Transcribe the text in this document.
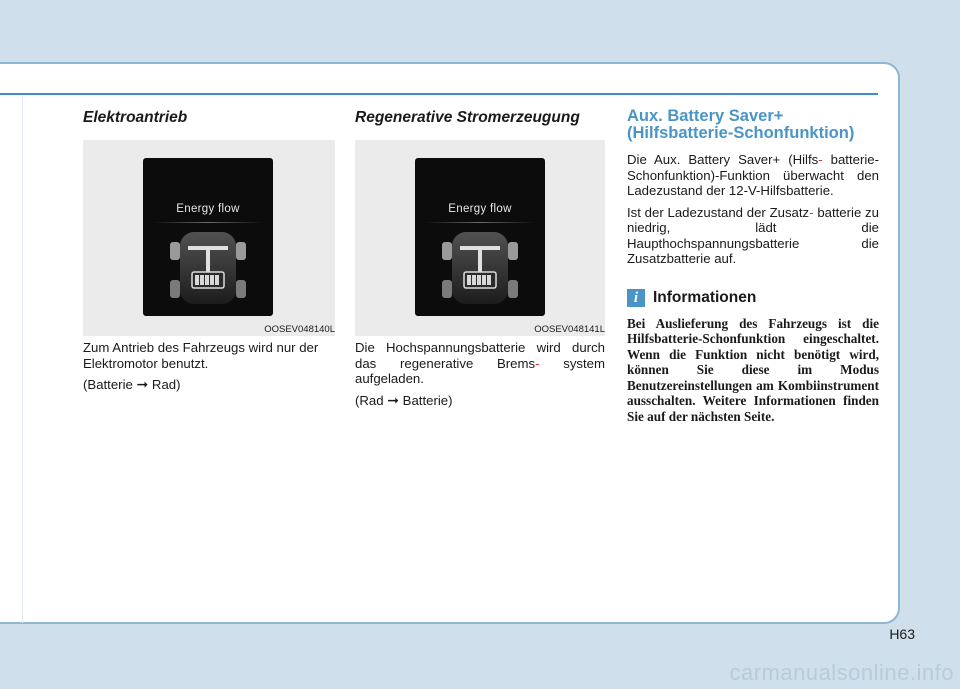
Elektroantrieb
Energy flow
OOSEV048140L

Zum Antrieb des Fahrzeugs wird nur der Elektromotor benutzt.

(Batterie ➞ Rad)

Regenerative Stromerzeugung
Energy flow
OOSEV048141L

Die Hochspannungsbatterie wird durch das regenerative Brems- system aufgeladen.

(Rad ➞ Batterie)

Aux. Battery Saver+
(Hilfsbatterie-Schonfunktion)

Die Aux. Battery Saver+ (Hilfs- batterie-Schonfunktion)-Funktion überwacht den Ladezustand der 12-V-Hilfsbatterie.

Ist der Ladezustand der Zusatz- batterie zu niedrig, lädt die Haupthochspannungsbatterie die Zusatzbatterie auf.

i Informationen
Bei Auslieferung des Fahrzeugs ist die Hilfsbatterie-Schonfunktion eingeschaltet. Wenn die Funktion nicht benötigt wird, können Sie diese im Modus Benutzereinstellungen am Kombiinstrument ausschalten. Weitere Informationen finden Sie auf der nächsten Seite.
H63
carmanualsonline.info
